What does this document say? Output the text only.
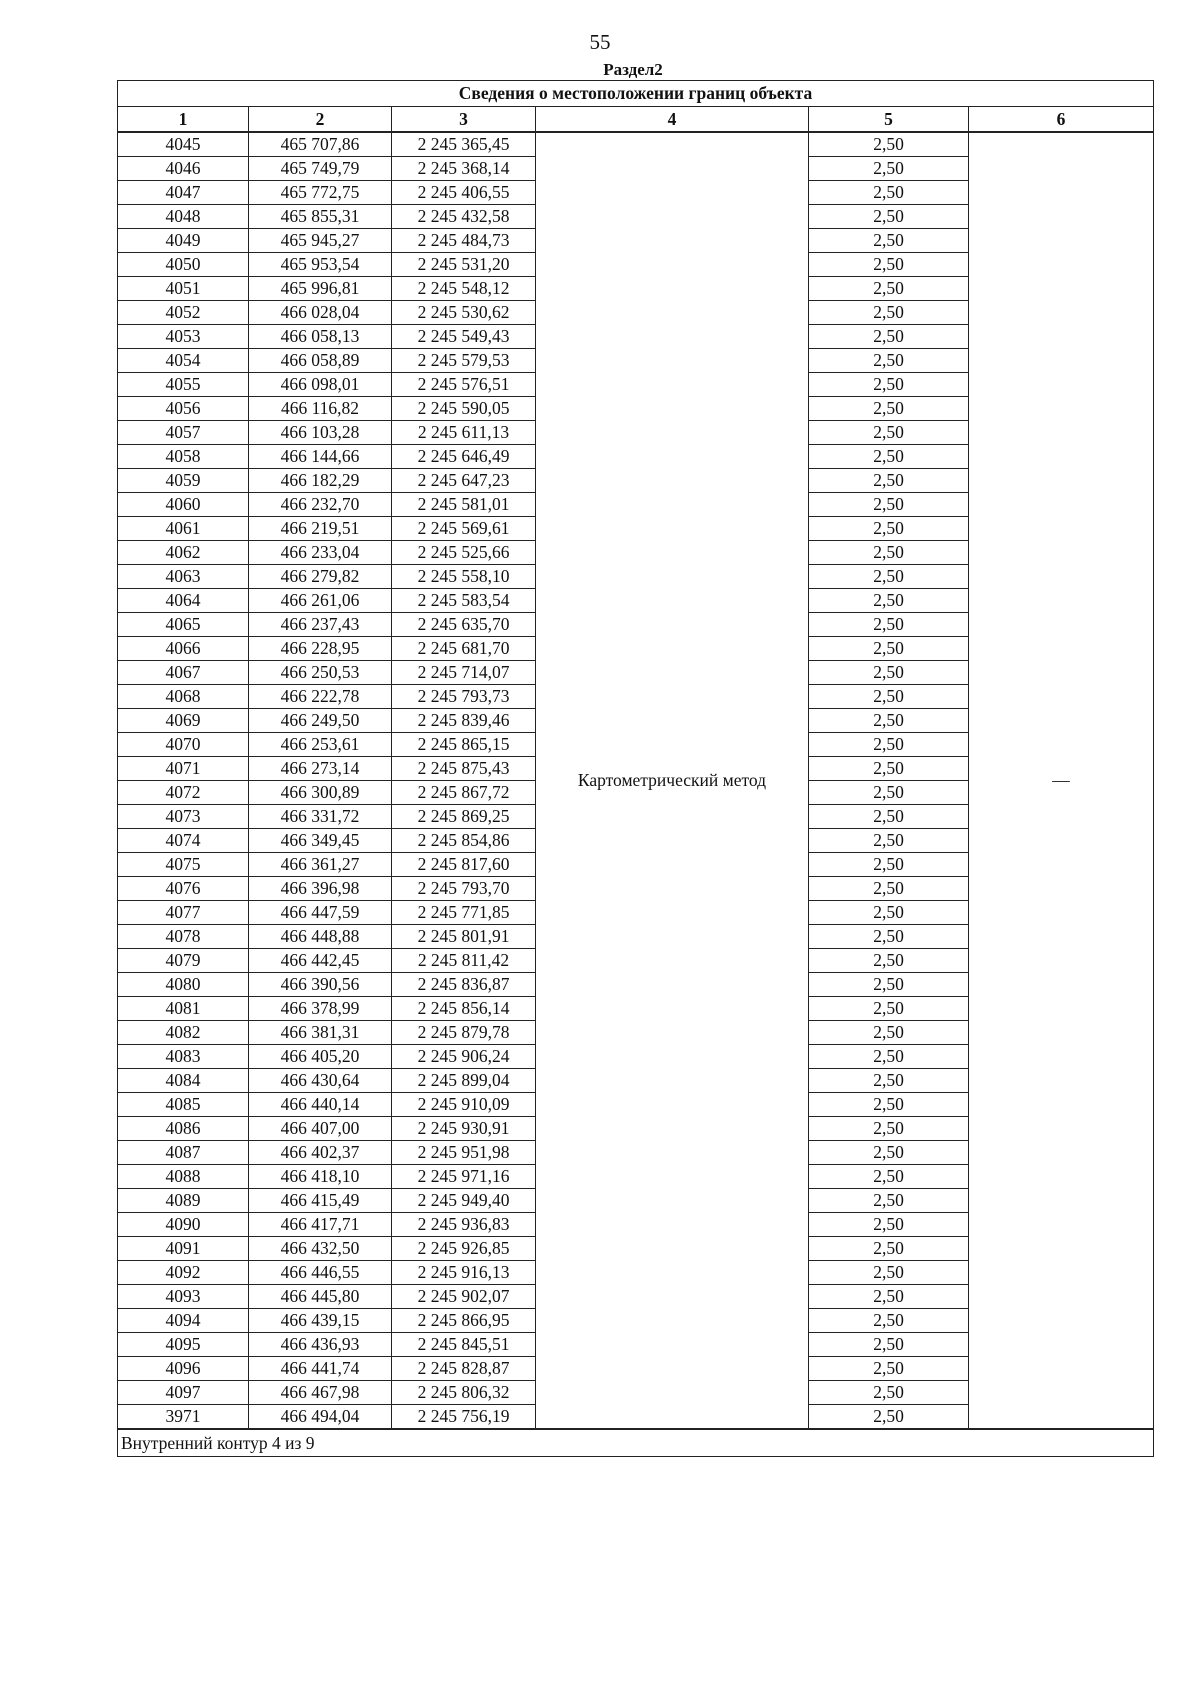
55
Раздел2
Сведения о местоположении границ объекта					
1	2	3	4	5	6
4045	465 707,86	2 245 365,45	Картометрический метод	2,50	—
4046	465 749,79	2 245 368,14		2,50	
4047	465 772,75	2 245 406,55		2,50	
4048	465 855,31	2 245 432,58		2,50	
4049	465 945,27	2 245 484,73		2,50	
4050	465 953,54	2 245 531,20		2,50	
4051	465 996,81	2 245 548,12		2,50	
4052	466 028,04	2 245 530,62		2,50	
4053	466 058,13	2 245 549,43		2,50	
4054	466 058,89	2 245 579,53		2,50	
4055	466 098,01	2 245 576,51		2,50	
4056	466 116,82	2 245 590,05		2,50	
4057	466 103,28	2 245 611,13		2,50	
4058	466 144,66	2 245 646,49		2,50	
4059	466 182,29	2 245 647,23		2,50	
4060	466 232,70	2 245 581,01		2,50	
4061	466 219,51	2 245 569,61		2,50	
4062	466 233,04	2 245 525,66		2,50	
4063	466 279,82	2 245 558,10		2,50	
4064	466 261,06	2 245 583,54		2,50	
4065	466 237,43	2 245 635,70		2,50	
4066	466 228,95	2 245 681,70		2,50	
4067	466 250,53	2 245 714,07		2,50	
4068	466 222,78	2 245 793,73		2,50	
4069	466 249,50	2 245 839,46		2,50	
4070	466 253,61	2 245 865,15		2,50	
4071	466 273,14	2 245 875,43		2,50	
4072	466 300,89	2 245 867,72		2,50	
4073	466 331,72	2 245 869,25		2,50	
4074	466 349,45	2 245 854,86		2,50	
4075	466 361,27	2 245 817,60		2,50	
4076	466 396,98	2 245 793,70		2,50	
4077	466 447,59	2 245 771,85		2,50	
4078	466 448,88	2 245 801,91		2,50	
4079	466 442,45	2 245 811,42		2,50	
4080	466 390,56	2 245 836,87		2,50	
4081	466 378,99	2 245 856,14		2,50	
4082	466 381,31	2 245 879,78		2,50	
4083	466 405,20	2 245 906,24		2,50	
4084	466 430,64	2 245 899,04		2,50	
4085	466 440,14	2 245 910,09		2,50	
4086	466 407,00	2 245 930,91		2,50	
4087	466 402,37	2 245 951,98		2,50	
4088	466 418,10	2 245 971,16		2,50	
4089	466 415,49	2 245 949,40		2,50	
4090	466 417,71	2 245 936,83		2,50	
4091	466 432,50	2 245 926,85		2,50	
4092	466 446,55	2 245 916,13		2,50	
4093	466 445,80	2 245 902,07		2,50	
4094	466 439,15	2 245 866,95		2,50	
4095	466 436,93	2 245 845,51		2,50	
4096	466 441,74	2 245 828,87		2,50	
4097	466 467,98	2 245 806,32		2,50	
3971	466 494,04	2 245 756,19		2,50	
Внутренний контур 4 из 9					
